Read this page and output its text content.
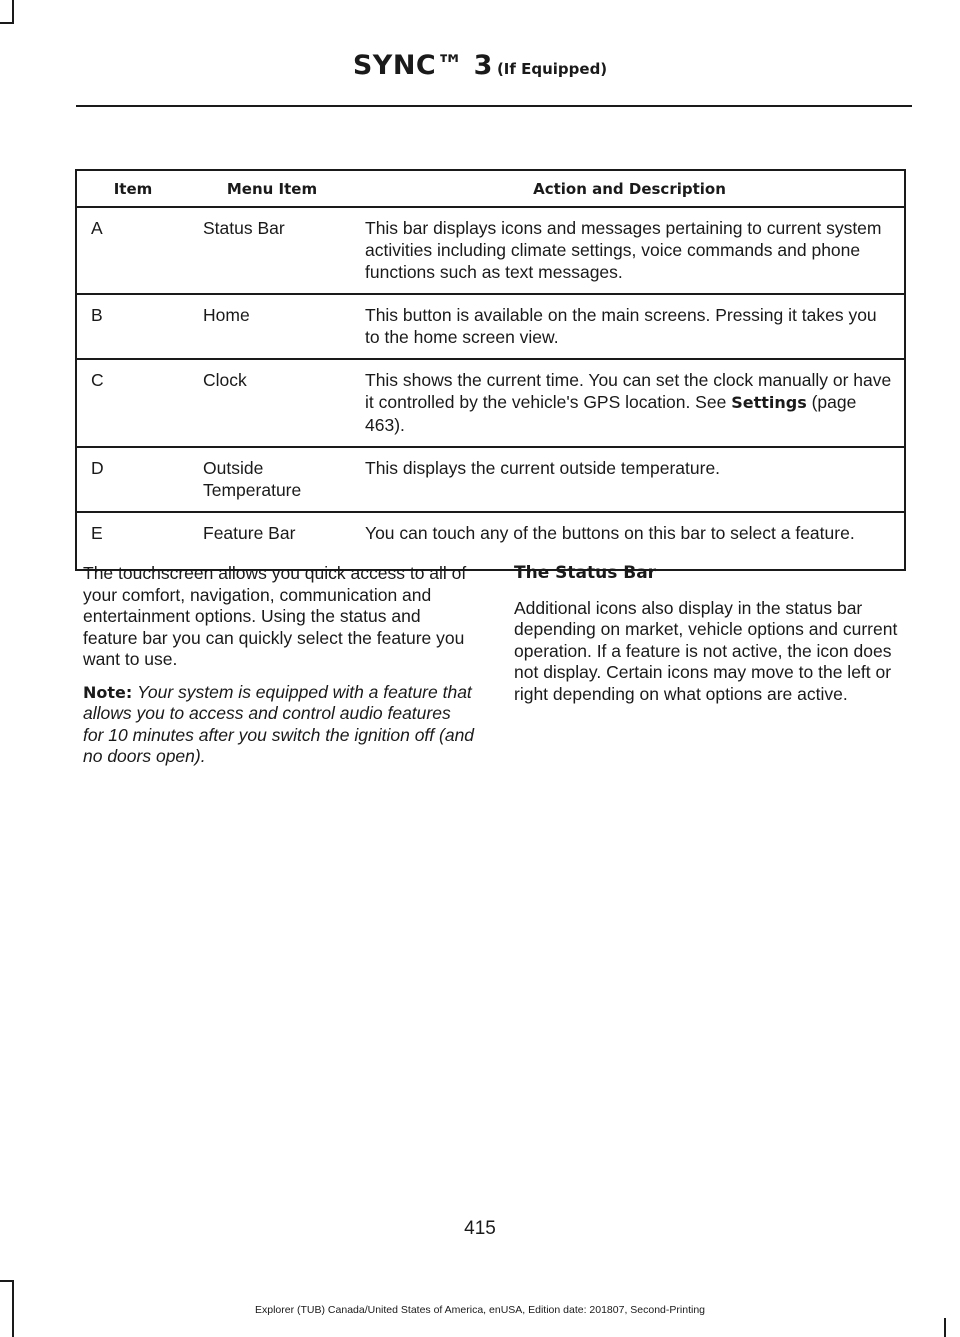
SYNC™ 3 (If Equipped)
Item	Menu Item	Action and Description
A	Status Bar	This bar displays icons and messages pertaining to current system activities including climate settings, voice commands and phone functions such as text messages.
B	Home	This button is available on the main screens. Pressing it takes you to the home screen view.
C	Clock	This shows the current time. You can set the clock manually or have it controlled by the vehicle's GPS location. See Settings (page 463).
D	Outside Temperature	This displays the current outside temperature.
E	Feature Bar	You can touch any of the buttons on this bar to select a feature.

The touchscreen allows you quick access to all of your comfort, navigation, communication and entertainment options. Using the status and feature bar you can quickly select the feature you want to use.

Note: Your system is equipped with a feature that allows you to access and control audio features for 10 minutes after you switch the ignition off (and no doors open).

The Status Bar

Additional icons also display in the status bar depending on market, vehicle options and current operation. If a feature is not active, the icon does not display. Certain icons may move to the left or right depending on what options are active.

415
Explorer (TUB) Canada/United States of America, enUSA, Edition date: 201807, Second-Printing
